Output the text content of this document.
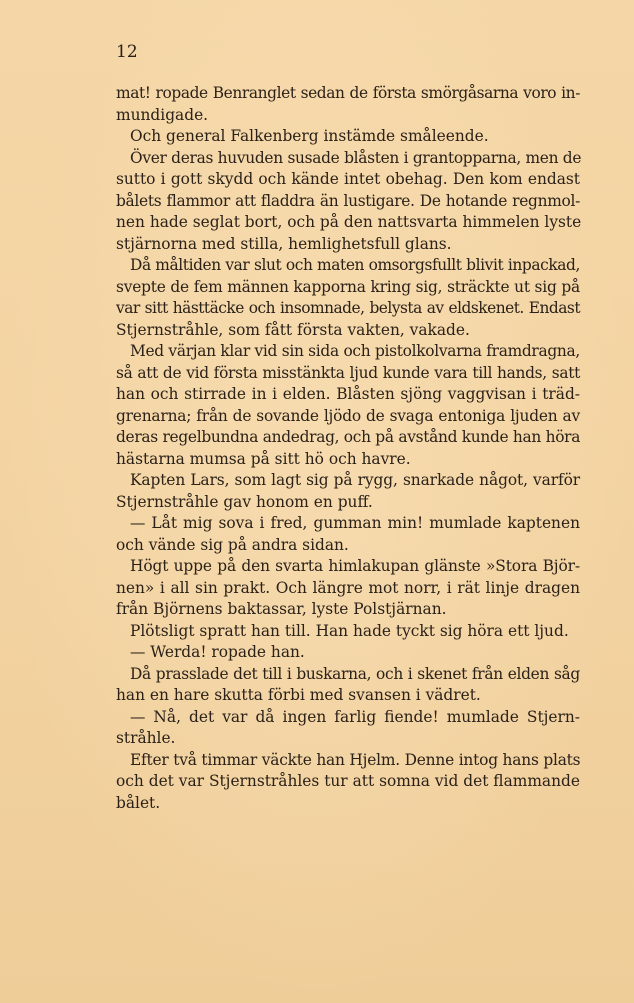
12
mat! ropade Benranglet sedan de första smörgåsarna voro in-
mundigade.
Och general Falkenberg instämde småleende.
Över deras huvuden susade blåsten i grantopparna, men de
sutto i gott skydd och kände intet obehag. Den kom endast
bålets flammor att fladdra än lustigare. De hotande regnmol-
nen hade seglat bort, och på den nattsvarta himmelen lyste
stjärnorna med stilla, hemlighetsfull glans.
Då måltiden var slut och maten omsorgsfullt blivit inpackad,
svepte de fem männen kapporna kring sig, sträckte ut sig på
var sitt hästtäcke och insomnade, belysta av eldskenet. Endast
Stjernstråhle, som fått första vakten, vakade.
Med värjan klar vid sin sida och pistolkolvarna framdragna,
så att de vid första misstänkta ljud kunde vara till hands, satt
han och stirrade in i elden. Blåsten sjöng vaggvisan i träd-
grenarna; från de sovande ljödo de svaga entoniga ljuden av
deras regelbundna andedrag, och på avstånd kunde han höra
hästarna mumsa på sitt hö och havre.
Kapten Lars, som lagt sig på rygg, snarkade något, varför
Stjernstråhle gav honom en puff.
— Låt mig sova i fred, gumman min! mumlade kaptenen
och vände sig på andra sidan.
Högt uppe på den svarta himlakupan glänste »Stora Björ-
nen» i all sin prakt. Och längre mot norr, i rät linje dragen
från Björnens baktassar, lyste Polstjärnan.
Plötsligt spratt han till. Han hade tyckt sig höra ett ljud.
— Werda! ropade han.
Då prasslade det till i buskarna, och i skenet från elden såg
han en hare skutta förbi med svansen i vädret.
— Nå, det var då ingen farlig fiende! mumlade Stjern-
stråhle.
Efter två timmar väckte han Hjelm. Denne intog hans plats
och det var Stjernstråhles tur att somna vid det flammande
bålet.
